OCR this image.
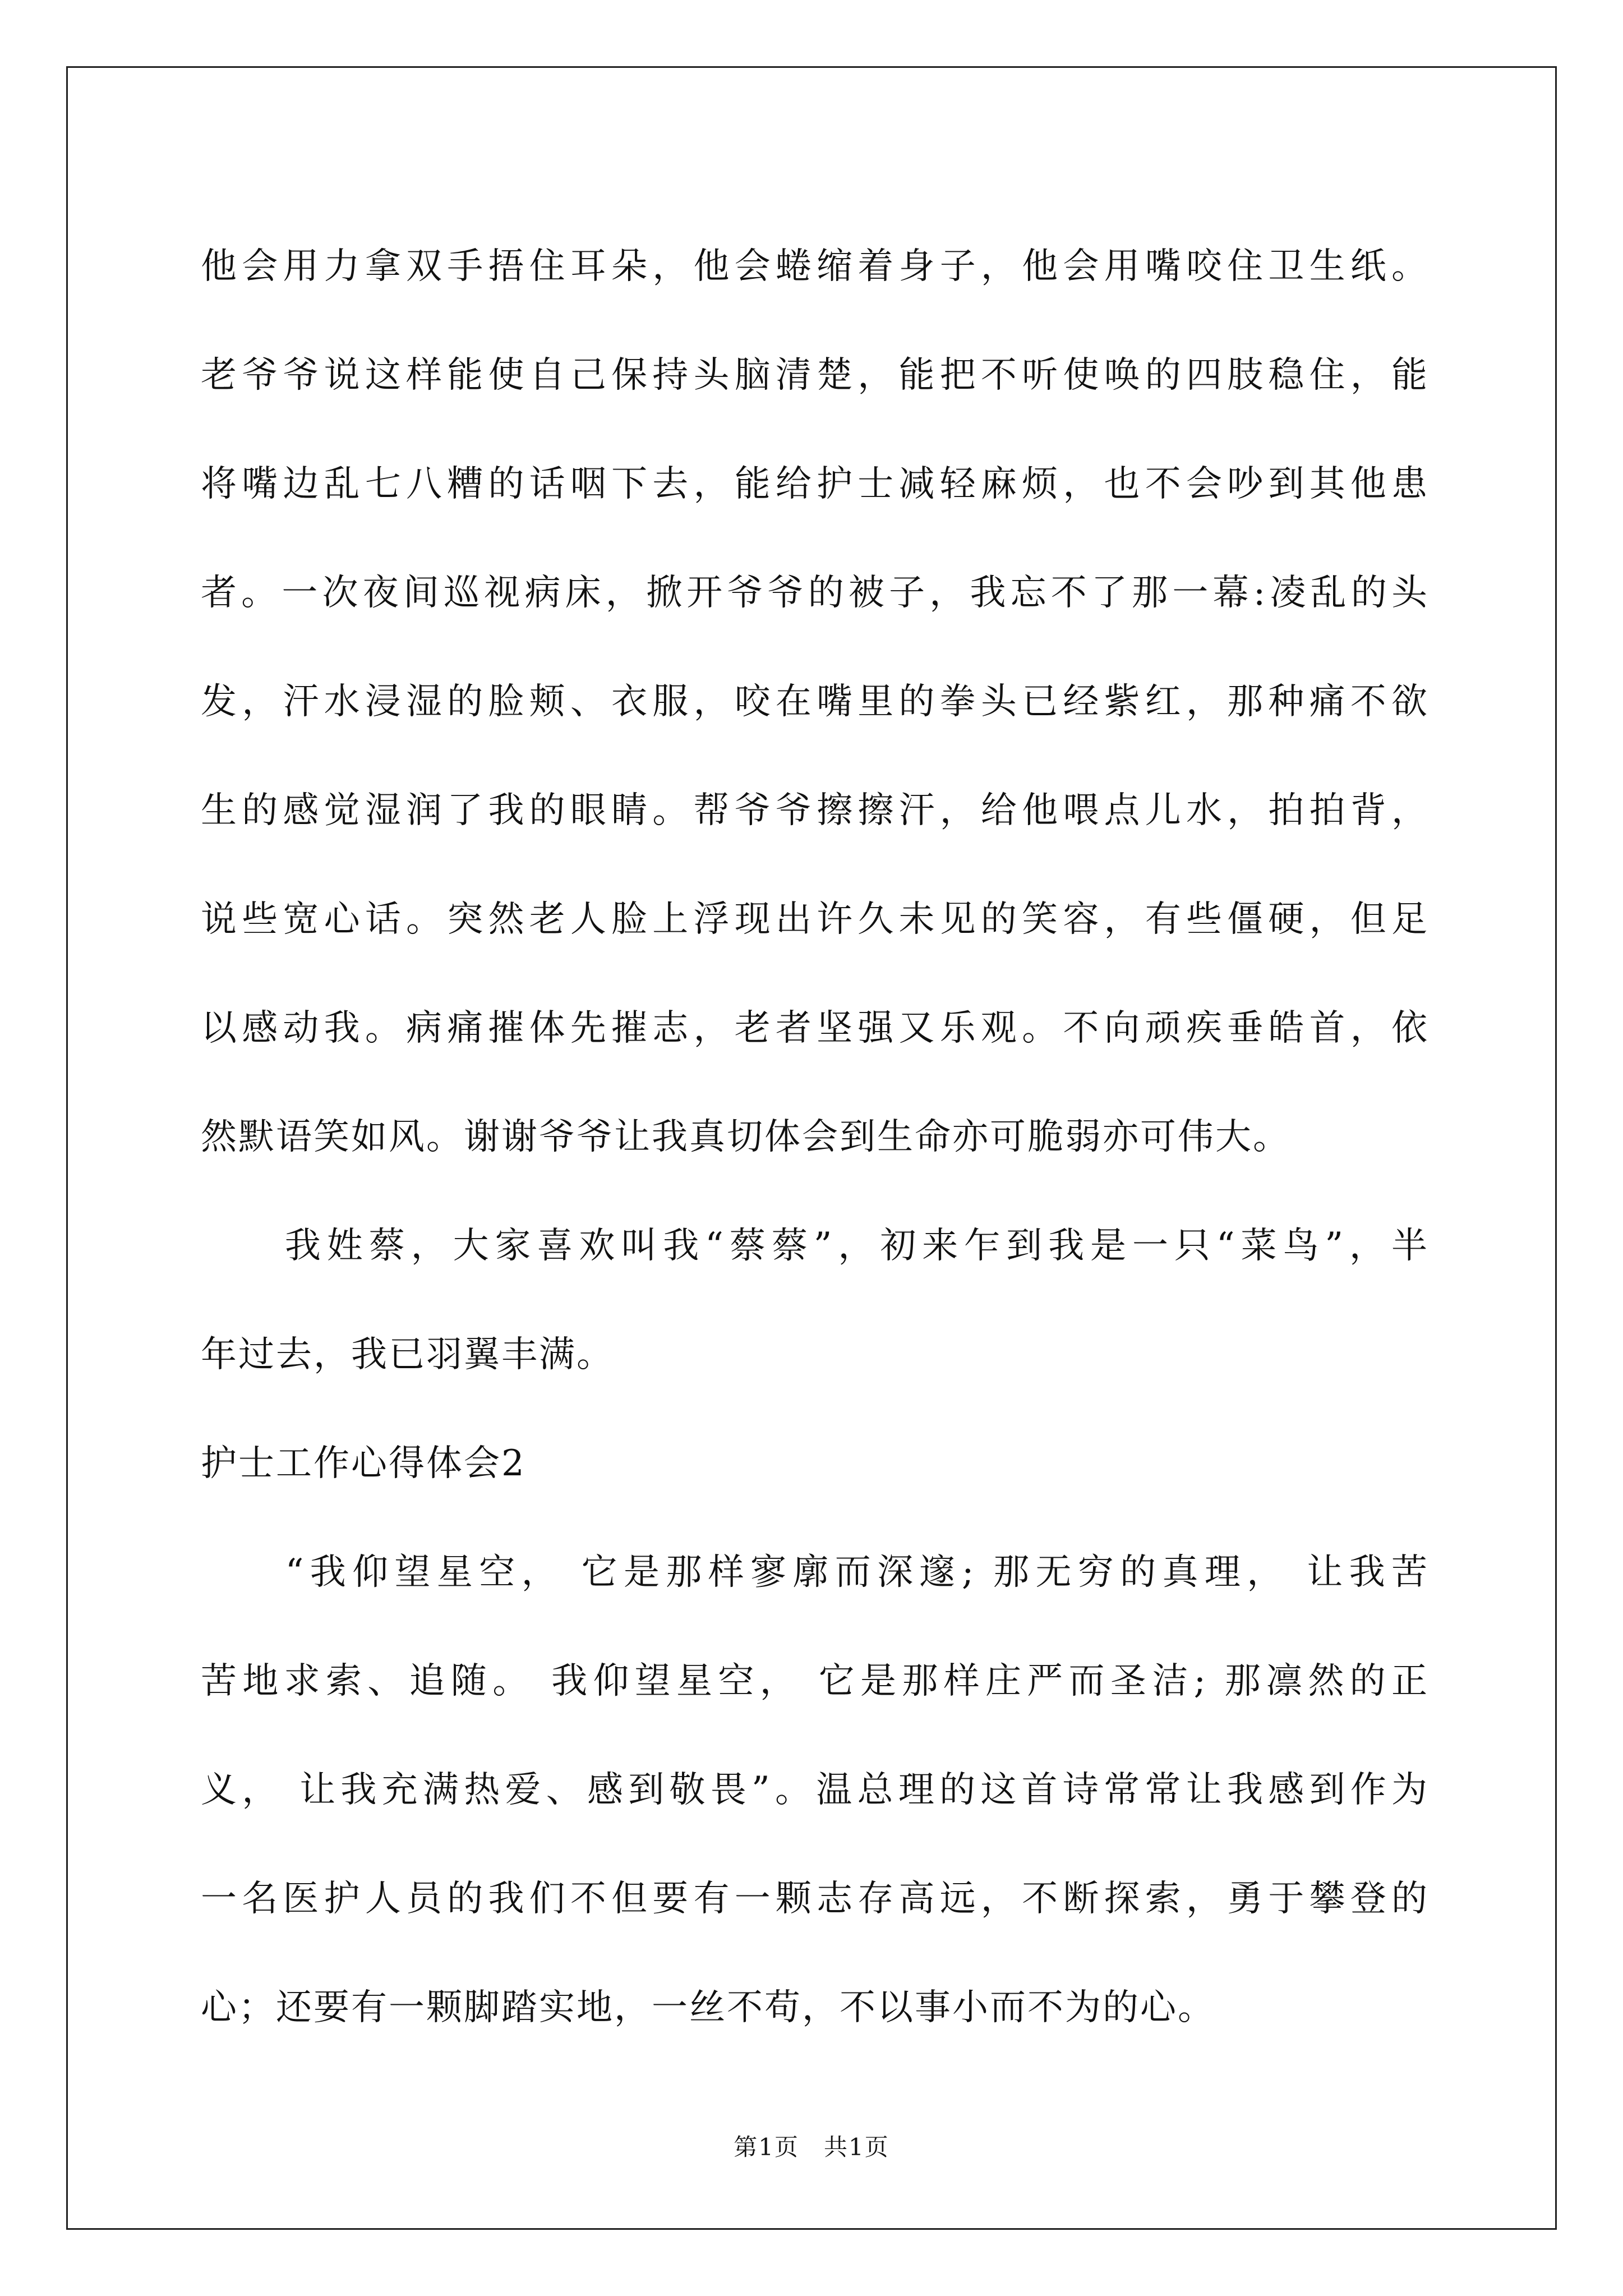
他会用力拿双手捂住耳朵，他会蜷缩着身子，他会用嘴咬住卫生纸。
老爷爷说这样能使自己保持头脑清楚，能把不听使唤的四肢稳住，能
将嘴边乱七八糟的话咽下去，能给护士减轻麻烦，也不会吵到其他患
者。一次夜间巡视病床，掀开爷爷的被子，我忘不了那一幕:凌乱的头
发，汗水浸湿的脸颊、衣服，咬在嘴里的拳头已经紫红，那种痛不欲
生的感觉湿润了我的眼睛。帮爷爷擦擦汗，给他喂点儿水，拍拍背，
说些宽心话。突然老人脸上浮现出许久未见的笑容，有些僵硬，但足
以感动我。病痛摧体先摧志，老者坚强又乐观。不向顽疾垂皓首，依
然默语笑如风。谢谢爷爷让我真切体会到生命亦可脆弱亦可伟大。
　　我姓蔡，大家喜欢叫我“蔡蔡”，初来乍到我是一只“菜鸟”，半
年过去，我已羽翼丰满。
护士工作心得体会2
　　“我仰望星空， 它是那样寥廓而深邃; 那无穷的真理， 让我苦
苦地求索、追随。 我仰望星空， 它是那样庄严而圣洁; 那凛然的正
义， 让我充满热爱、感到敬畏”。温总理的这首诗常常让我感到作为
一名医护人员的我们不但要有一颗志存高远，不断探索，勇于攀登的
心；还要有一颗脚踏实地，一丝不苟，不以事小而不为的心。
第1页　共1页
